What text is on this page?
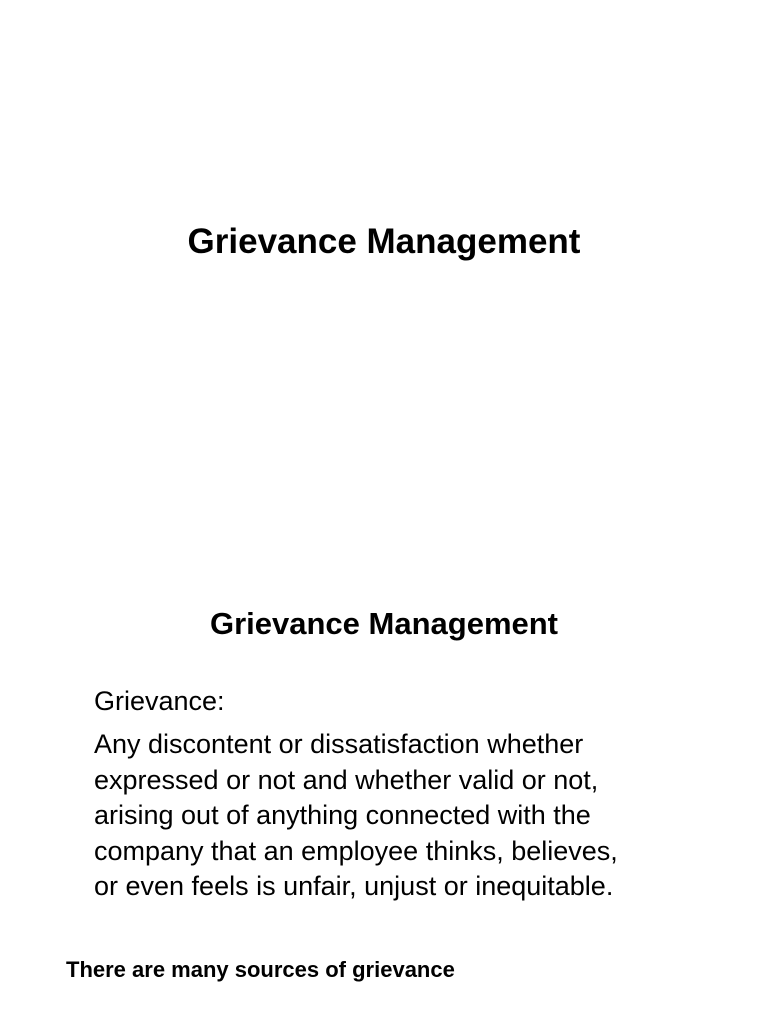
Grievance Management
Grievance Management
Grievance:
Any discontent or dissatisfaction whether
expressed or not and whether valid or not,
arising out of anything connected with the
company that an employee thinks, believes,
or even feels is unfair, unjust or inequitable.
There are many sources of grievance
